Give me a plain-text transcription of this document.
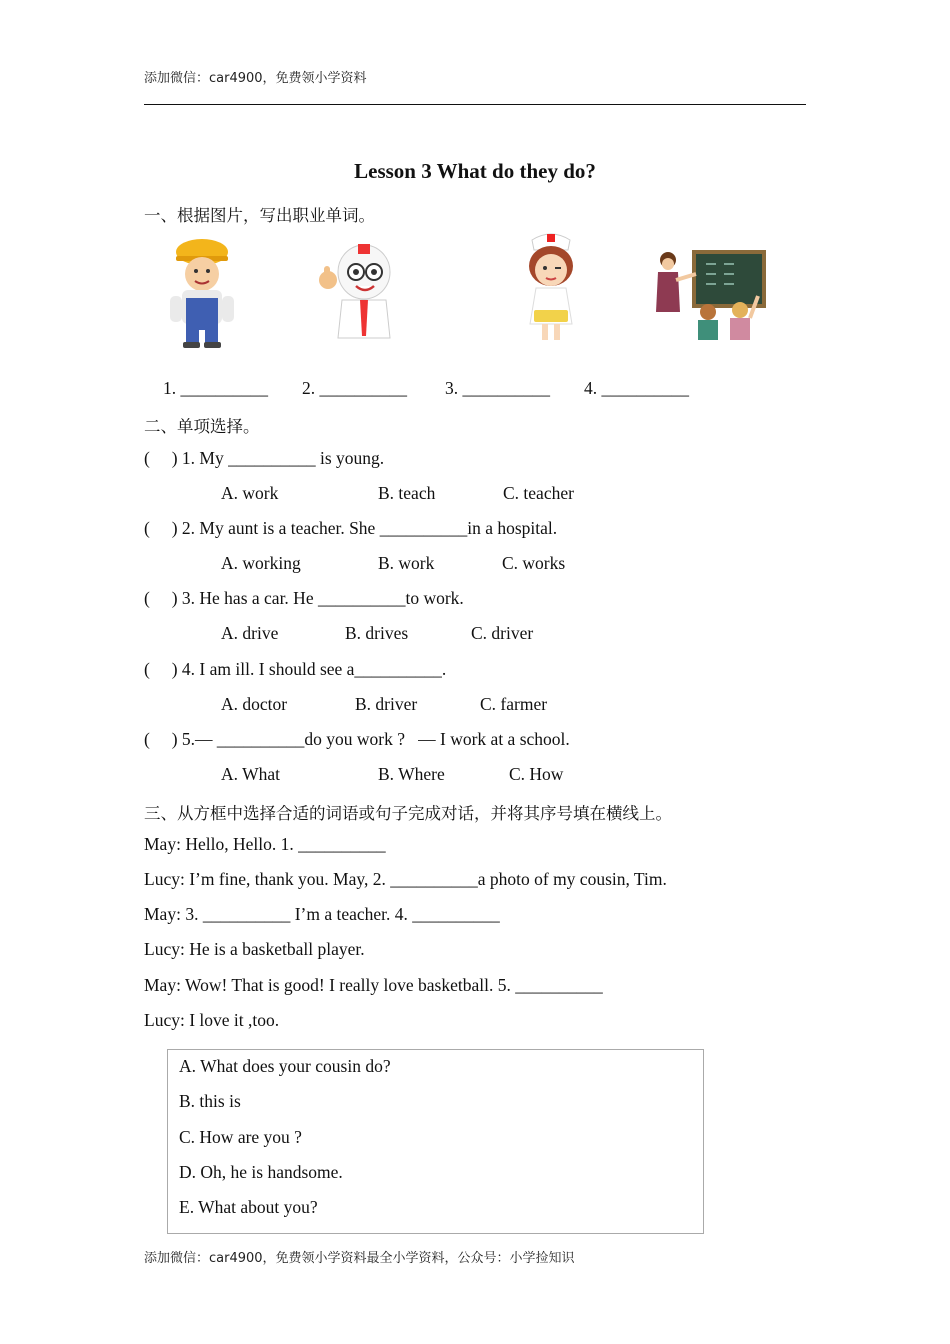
添加微信：car4900，免费领小学资料
Lesson 3 What do they do?
一、根据图片，写出职业单词。
1. __________ 2. __________ 3. __________ 4. __________
二、单项选择。
(     ) 1. My __________ is young.
A. work	B. teach	C. teacher
(     ) 2. My aunt is a teacher. She __________in a hospital.
A. working	B. work	C. works
(     ) 3. He has a car. He __________to work.
A. drive	B. drives	C. driver
(     ) 4. I am ill. I should see a__________.
A. doctor	B. driver	C. farmer
(     ) 5.— __________do you work ?   — I work at a school.
A. What	B. Where	C. How
三、从方框中选择合适的词语或句子完成对话，并将其序号填在横线上。
May: Hello, Hello. 1. __________
Lucy: I’m fine, thank you. May, 2. __________a photo of my cousin, Tim.
May: 3. __________ I’m a teacher. 4. __________
Lucy: He is a basketball player.
May: Wow! That is good! I really love basketball. 5. __________
Lucy: I love it ,too.
A. What does your cousin do?
B. this is
C. How are you ?
D. Oh, he is handsome.
E. What about you?
添加微信：car4900，免费领小学资料最全小学资料，公众号：小学捡知识
